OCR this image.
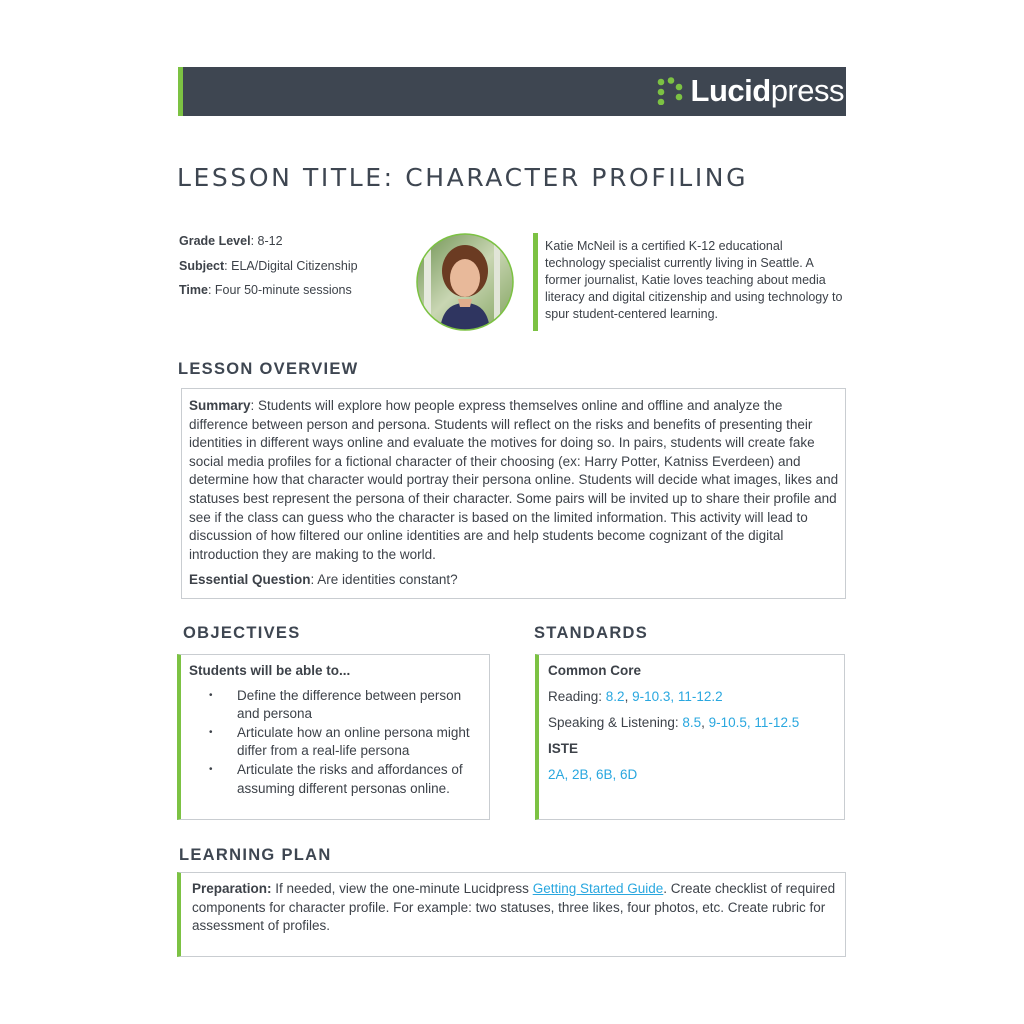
Lucidpress
LESSON TITLE: CHARACTER PROFILING
Grade Level: 8-12
Subject: ELA/Digital Citizenship
Time: Four 50-minute sessions
Katie McNeil is a certified K-12 educational technology specialist currently living in Seattle. A former journalist, Katie loves teaching about media literacy and digital citizenship and using technology to spur student-centered learning.
LESSON OVERVIEW

Summary: Students will explore how people express themselves online and offline and analyze the difference between person and persona. Students will reflect on the risks and benefits of presenting their identities in different ways online and evaluate the motives for doing so. In pairs, students will create fake social media profiles for a fictional character of their choosing (ex: Harry Potter, Katniss Everdeen) and determine how that character would portray their persona online. Students will decide what images, likes and statuses best represent the persona of their character. Some pairs will be invited up to share their profile and see if the class can guess who the character is based on the limited information. This activity will lead to discussion of how filtered our online identities are and help students become cognizant of the digital introduction they are making to the world.

Essential Question: Are identities constant?

OBJECTIVES
Students will be able to...
• Define the difference between person and persona
• Articulate how an online persona might differ from a real-life persona
• Articulate the risks and affordances of assuming different personas online.
STANDARDS
Common Core
Reading: 8.2, 9-10.3, 11-12.2
Speaking & Listening: 8.5, 9-10.5, 11-12.5
ISTE
2A, 2B, 6B, 6D
LEARNING PLAN

Preparation: If needed, view the one-minute Lucidpress Getting Started Guide. Create checklist of required components for character profile. For example: two statuses, three likes, four photos, etc. Create rubric for assessment of profiles.
